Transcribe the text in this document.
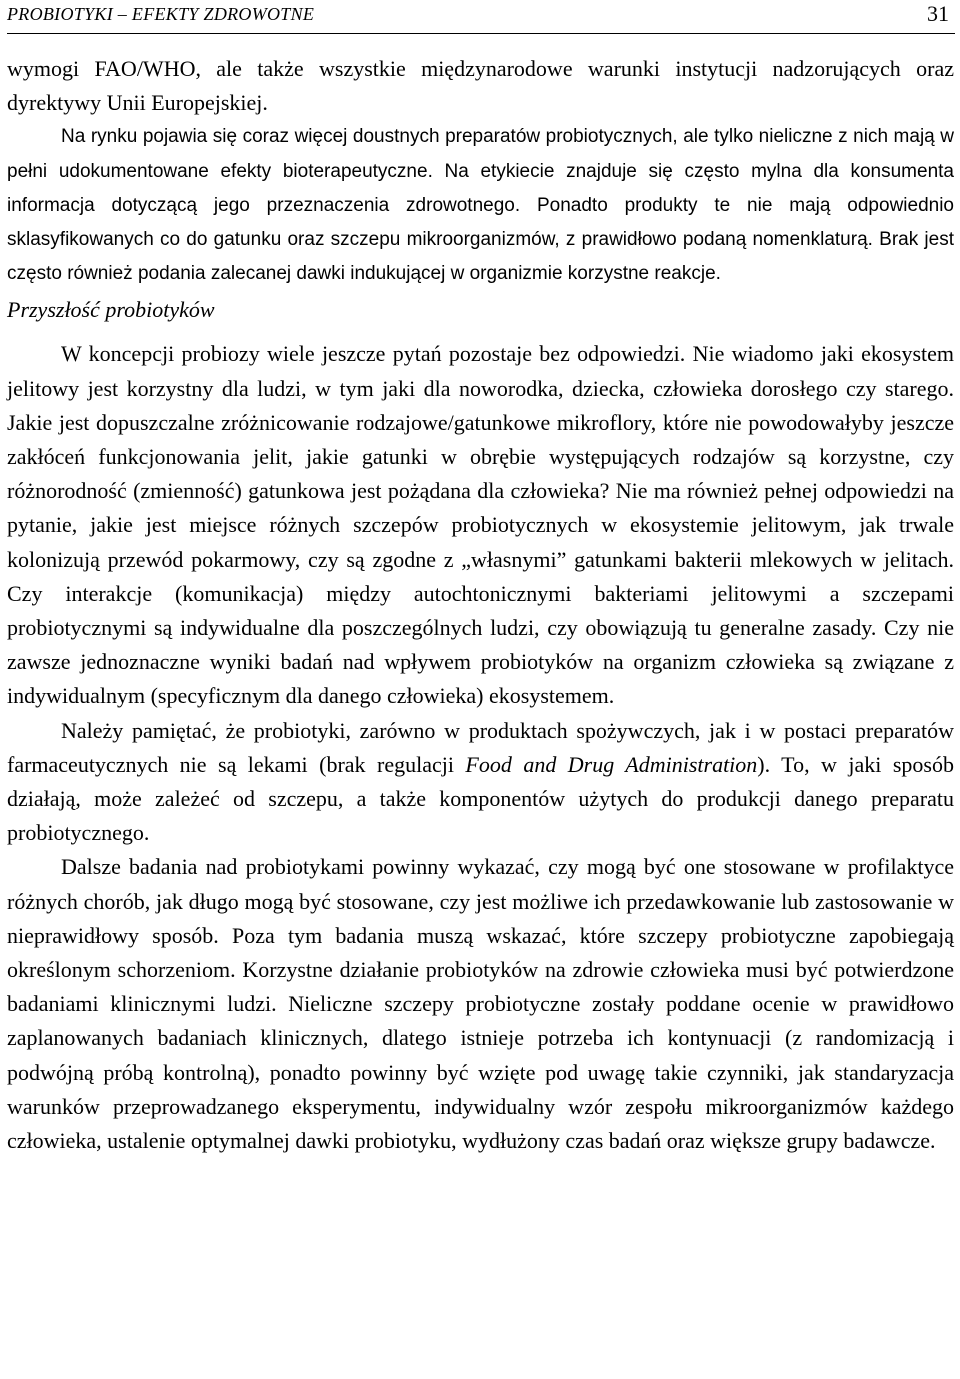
PROBIOTYKI – EFEKTY ZDROWOTNE	31

wymogi FAO/WHO, ale także wszystkie międzynarodowe warunki instytucji nadzorujących oraz dyrektywy Unii Europejskiej.

Na rynku pojawia się coraz więcej doustnych preparatów probiotycznych, ale tylko nieliczne z nich mają w pełni udokumentowane efekty bioterapeutyczne. Na etykiecie znajduje się często mylna dla konsumenta informacja dotyczącą jego przeznaczenia zdrowotnego. Ponadto produkty te nie mają odpowiednio sklasyfikowanych co do gatunku oraz szczepu mikroorganizmów, z prawidłowo podaną nomenklaturą. Brak jest często również podania zalecanej dawki indukującej w organizmie korzystne reakcje.

Przyszłość probiotyków

W koncepcji probiozy wiele jeszcze pytań pozostaje bez odpowiedzi. Nie wiadomo jaki ekosystem jelitowy jest korzystny dla ludzi, w tym jaki dla noworodka, dziecka, człowieka dorosłego czy starego. Jakie jest dopuszczalne zróżnicowanie rodzajowe/gatunkowe mikroflory, które nie powodowałyby jeszcze zakłóceń funkcjonowania jelit, jakie gatunki w obrębie występujących rodzajów są korzystne, czy różnorodność (zmienność) gatunkowa jest pożądana dla człowieka? Nie ma również pełnej odpowiedzi na pytanie, jakie jest miejsce różnych szczepów probiotycznych w ekosystemie jelitowym, jak trwale kolonizują przewód pokarmowy, czy są zgodne z „własnymi” gatunkami bakterii mlekowych w jelitach. Czy interakcje (komunikacja) między autochtonicznymi bakteriami jelitowymi a szczepami probiotycznymi są indywidualne dla poszczególnych ludzi, czy obowiązują tu generalne zasady. Czy nie zawsze jednoznaczne wyniki badań nad wpływem probiotyków na organizm człowieka są związane z indywidualnym (specyficznym dla danego człowieka) ekosystemem.

Należy pamiętać, że probiotyki, zarówno w produktach spożywczych, jak i w postaci preparatów farmaceutycznych nie są lekami (brak regulacji Food and Drug Administration). To, w jaki sposób działają, może zależeć od szczepu, a także komponentów użytych do produkcji danego preparatu probiotycznego.

Dalsze badania nad probiotykami powinny wykazać, czy mogą być one stosowane w profilaktyce różnych chorób, jak długo mogą być stosowane, czy jest możliwe ich przedawkowanie lub zastosowanie w nieprawidłowy sposób. Poza tym badania muszą wskazać, które szczepy probiotyczne zapobiegają określonym schorzeniom. Korzystne działanie probiotyków na zdrowie człowieka musi być potwierdzone badaniami klinicznymi ludzi. Nieliczne szczepy probiotyczne zostały poddane ocenie w prawidłowo zaplanowanych badaniach klinicznych, dlatego istnieje potrzeba ich kontynuacji (z randomizacją i podwójną próbą kontrolną), ponadto powinny być wzięte pod uwagę takie czynniki, jak standaryzacja warunków przeprowadzanego eksperymentu, indywidualny wzór zespołu mikroorganizmów każdego człowieka, ustalenie optymalnej dawki probiotyku, wydłużony czas badań oraz większe grupy badawcze.
